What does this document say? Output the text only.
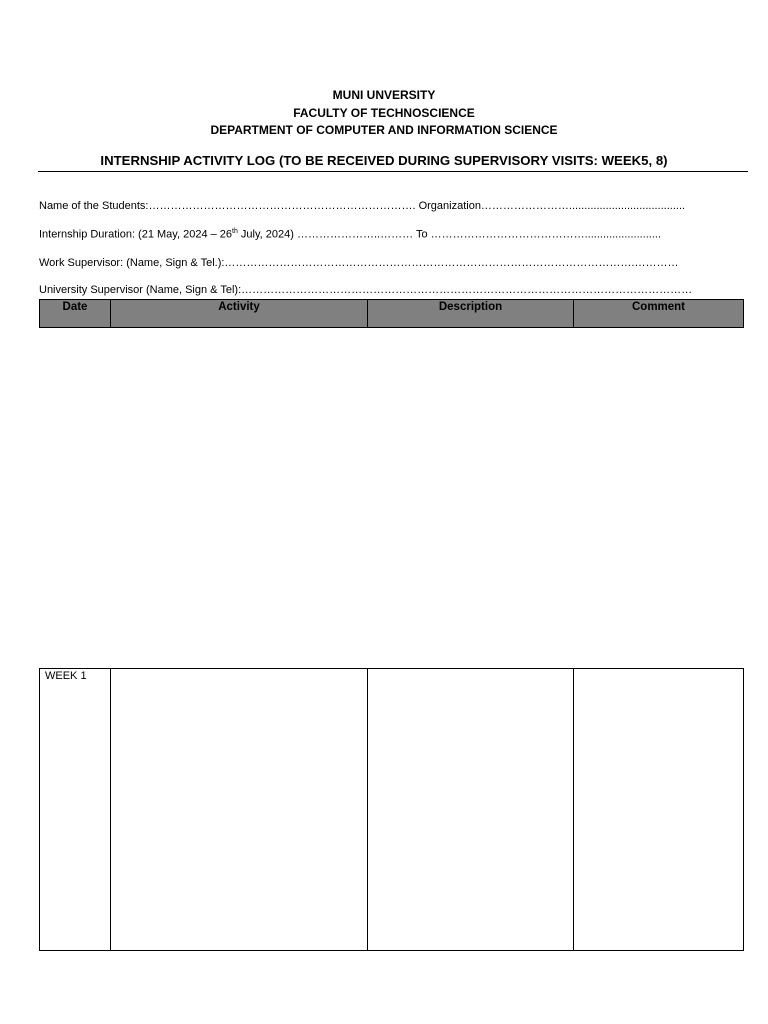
MUNI UNVERSITY
FACULTY OF TECHNOSCIENCE
DEPARTMENT OF COMPUTER AND INFORMATION SCIENCE
INTERNSHIP ACTIVITY LOG (TO BE RECEIVED DURING SUPERVISORY VISITS: WEEK5, 8)
Name of the Students:………………………………………………………………. Organization……………………......................................
Internship Duration: (21 May, 2024 – 26th July, 2024) …………………..……… To …………………………………….........................
Work Supervisor: (Name, Sign & Tel.):………………………………………………………………………………………………….…………
University Supervisor (Name, Sign & Tel):……………………………………………………………………………………………………………
Date	Activity	Description	Comment
WEEK 1			
